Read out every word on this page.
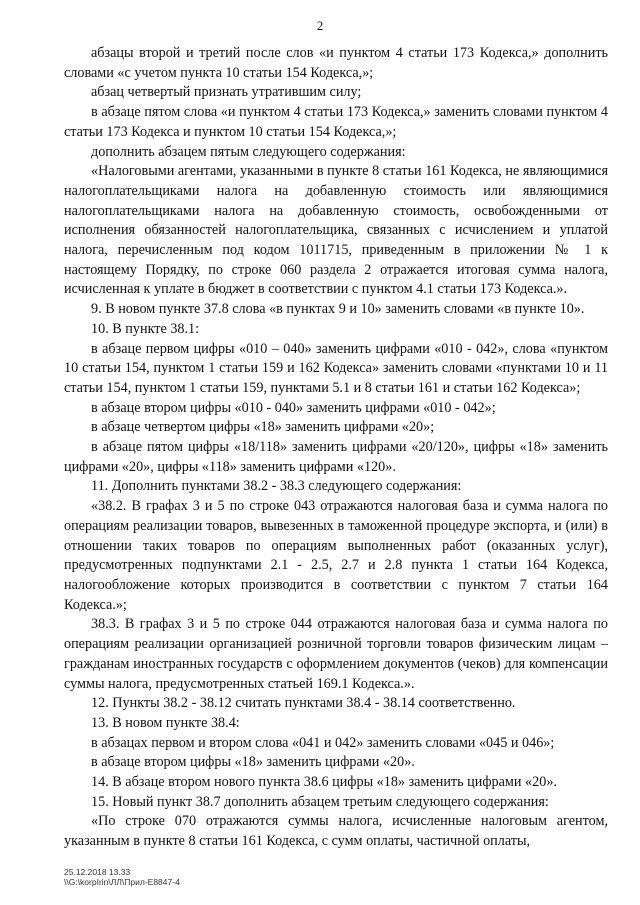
2

абзацы второй и третий после слов «и пунктом 4 статьи 173 Кодекса,» дополнить словами «с учетом пункта 10 статьи 154 Кодекса,»;

абзац четвертый признать утратившим силу;

в абзаце пятом слова «и пунктом 4 статьи 173 Кодекса,» заменить словами пунктом 4 статьи 173 Кодекса и пунктом 10 статьи 154 Кодекса,»;

дополнить абзацем пятым следующего содержания:

«Налоговыми агентами, указанными в пункте 8 статьи 161 Кодекса, не являющимися налогоплательщиками налога на добавленную стоимость или являющимися налогоплательщиками налога на добавленную стоимость, освобожденными от исполнения обязанностей налогоплательщика, связанных с исчислением и уплатой налога, перечисленным под кодом 1011715, приведенным в приложении № 1 к настоящему Порядку, по строке 060 раздела 2 отражается итоговая сумма налога, исчисленная к уплате в бюджет в соответствии с пунктом 4.1 статьи 173 Кодекса.».

9. В новом пункте 37.8 слова «в пунктах 9 и 10» заменить словами «в пункте 10».

10. В пункте 38.1:

в абзаце первом цифры «010 – 040» заменить цифрами «010 - 042», слова «пунктом 10 статьи 154, пунктом 1 статьи 159 и 162 Кодекса» заменить словами «пунктами 10 и 11 статьи 154, пунктом 1 статьи 159, пунктами 5.1 и 8 статьи 161 и статьи 162 Кодекса»;

в абзаце втором цифры «010 - 040» заменить цифрами «010 - 042»;

в абзаце четвертом цифры «18» заменить цифрами «20»;

в абзаце пятом цифры «18/118» заменить цифрами «20/120», цифры «18» заменить цифрами «20», цифры «118» заменить цифрами «120».

11. Дополнить пунктами 38.2 - 38.3 следующего содержания:

«38.2. В графах 3 и 5 по строке 043 отражаются налоговая база и сумма налога по операциям реализации товаров, вывезенных в таможенной процедуре экспорта, и (или) в отношении таких товаров по операциям выполненных работ (оказанных услуг), предусмотренных подпунктами 2.1 - 2.5, 2.7 и 2.8 пункта 1 статьи 164 Кодекса, налогообложение которых производится в соответствии с пунктом 7 статьи 164 Кодекса.»;

38.3. В графах 3 и 5 по строке 044 отражаются налоговая база и сумма налога по операциям реализации организацией розничной торговли товаров физическим лицам – гражданам иностранных государств с оформлением документов (чеков) для компенсации суммы налога, предусмотренных статьей 169.1 Кодекса.».

12. Пункты 38.2 - 38.12 считать пунктами 38.4 - 38.14 соответственно.

13. В новом пункте 38.4:

в абзацах первом и втором слова «041 и 042» заменить словами «045 и 046»;

в абзаце втором цифры «18» заменить цифрами «20».

14. В абзаце втором нового пункта 38.6 цифры «18» заменить цифрами «20».

15. Новый пункт 38.7 дополнить абзацем третьим следующего содержания:

«По строке 070 отражаются суммы налога, исчисленные налоговым агентом, указанным в пункте 8 статьи 161 Кодекса, с сумм оплаты, частичной оплаты,

25.12.2018 13.33
\\G:\korpIrin\ЛЛ\Прил-Е8847-4
